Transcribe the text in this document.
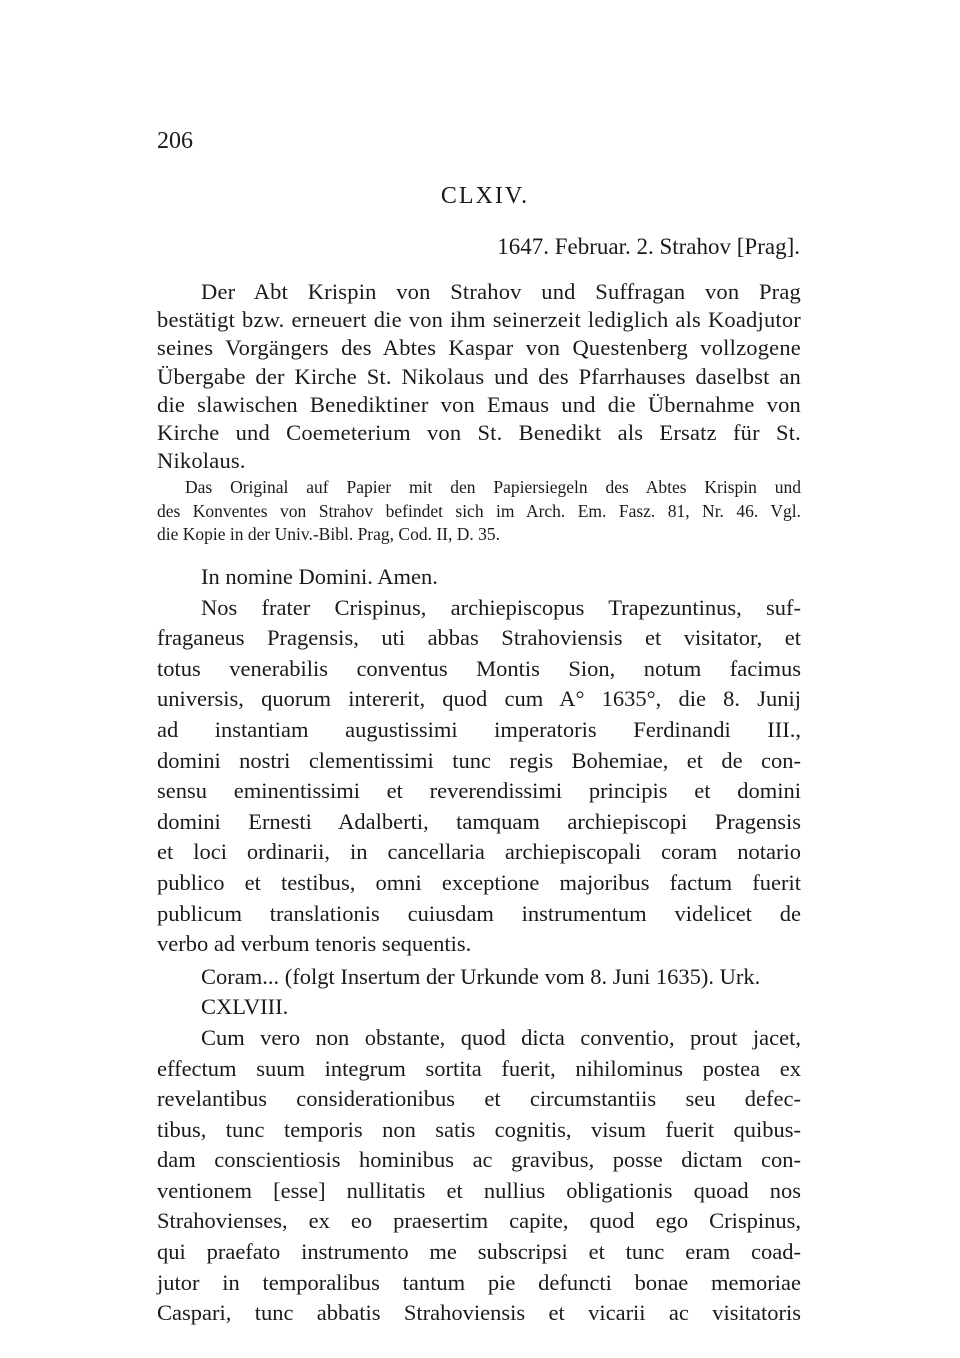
206
CLXIV.
1647. Februar. 2. Strahov [Prag].
Der Abt Krispin von Strahov und Suffragan von Prag
bestätigt bzw. erneuert die von ihm seinerzeit lediglich als Koadjutor
seines Vorgängers des Abtes Kaspar von Questenberg vollzogene
Übergabe der Kirche St. Nikolaus und des Pfarrhauses daselbst an
die slawischen Benediktiner von Emaus und die Übernahme von
Kirche und Coemeterium von St. Benedikt als Ersatz für St.
Nikolaus.
Das Original auf Papier mit den Papiersiegeln des Abtes Krispin und
des Konventes von Strahov befindet sich im Arch. Em. Fasz. 81, Nr. 46. Vgl.
die Kopie in der Univ.-Bibl. Prag, Cod. II, D. 35.
In nomine Domini. Amen.
Nos frater Crispinus, archiepiscopus Trapezuntinus, suf-
fraganeus Pragensis, uti abbas Strahoviensis et visitator, et
totus venerabilis conventus Montis Sion, notum facimus
universis, quorum intererit, quod cum A° 1635°, die 8. Junij
ad instantiam augustissimi imperatoris Ferdinandi III.,
domini nostri clementissimi tunc regis Bohemiae, et de con-
sensu eminentissimi et reverendissimi principis et domini
domini Ernesti Adalberti, tamquam archiepiscopi Pragensis
et loci ordinarii, in cancellaria archiepiscopali coram notario
publico et testibus, omni exceptione majoribus factum fuerit
publicum translationis cuiusdam instrumentum videlicet de
verbo ad verbum tenoris sequentis.
Coram... (folgt Insertum der Urkunde vom 8. Juni 1635). Urk. CXLVIII.
Cum vero non obstante, quod dicta conventio, prout jacet,
effectum suum integrum sortita fuerit, nihilominus postea ex
revelantibus considerationibus et circumstantiis seu defec-
tibus, tunc temporis non satis cognitis, visum fuerit quibus-
dam conscientiosis hominibus ac gravibus, posse dictam con-
ventionem [esse] nullitatis et nullius obligationis quoad nos
Strahovienses, ex eo praesertim capite, quod ego Crispinus,
qui praefato instrumento me subscripsi et tunc eram coad-
jutor in temporalibus tantum pie defuncti bonae memoriae
Caspari, tunc abbatis Strahoviensis et vicarii ac visitatoris
